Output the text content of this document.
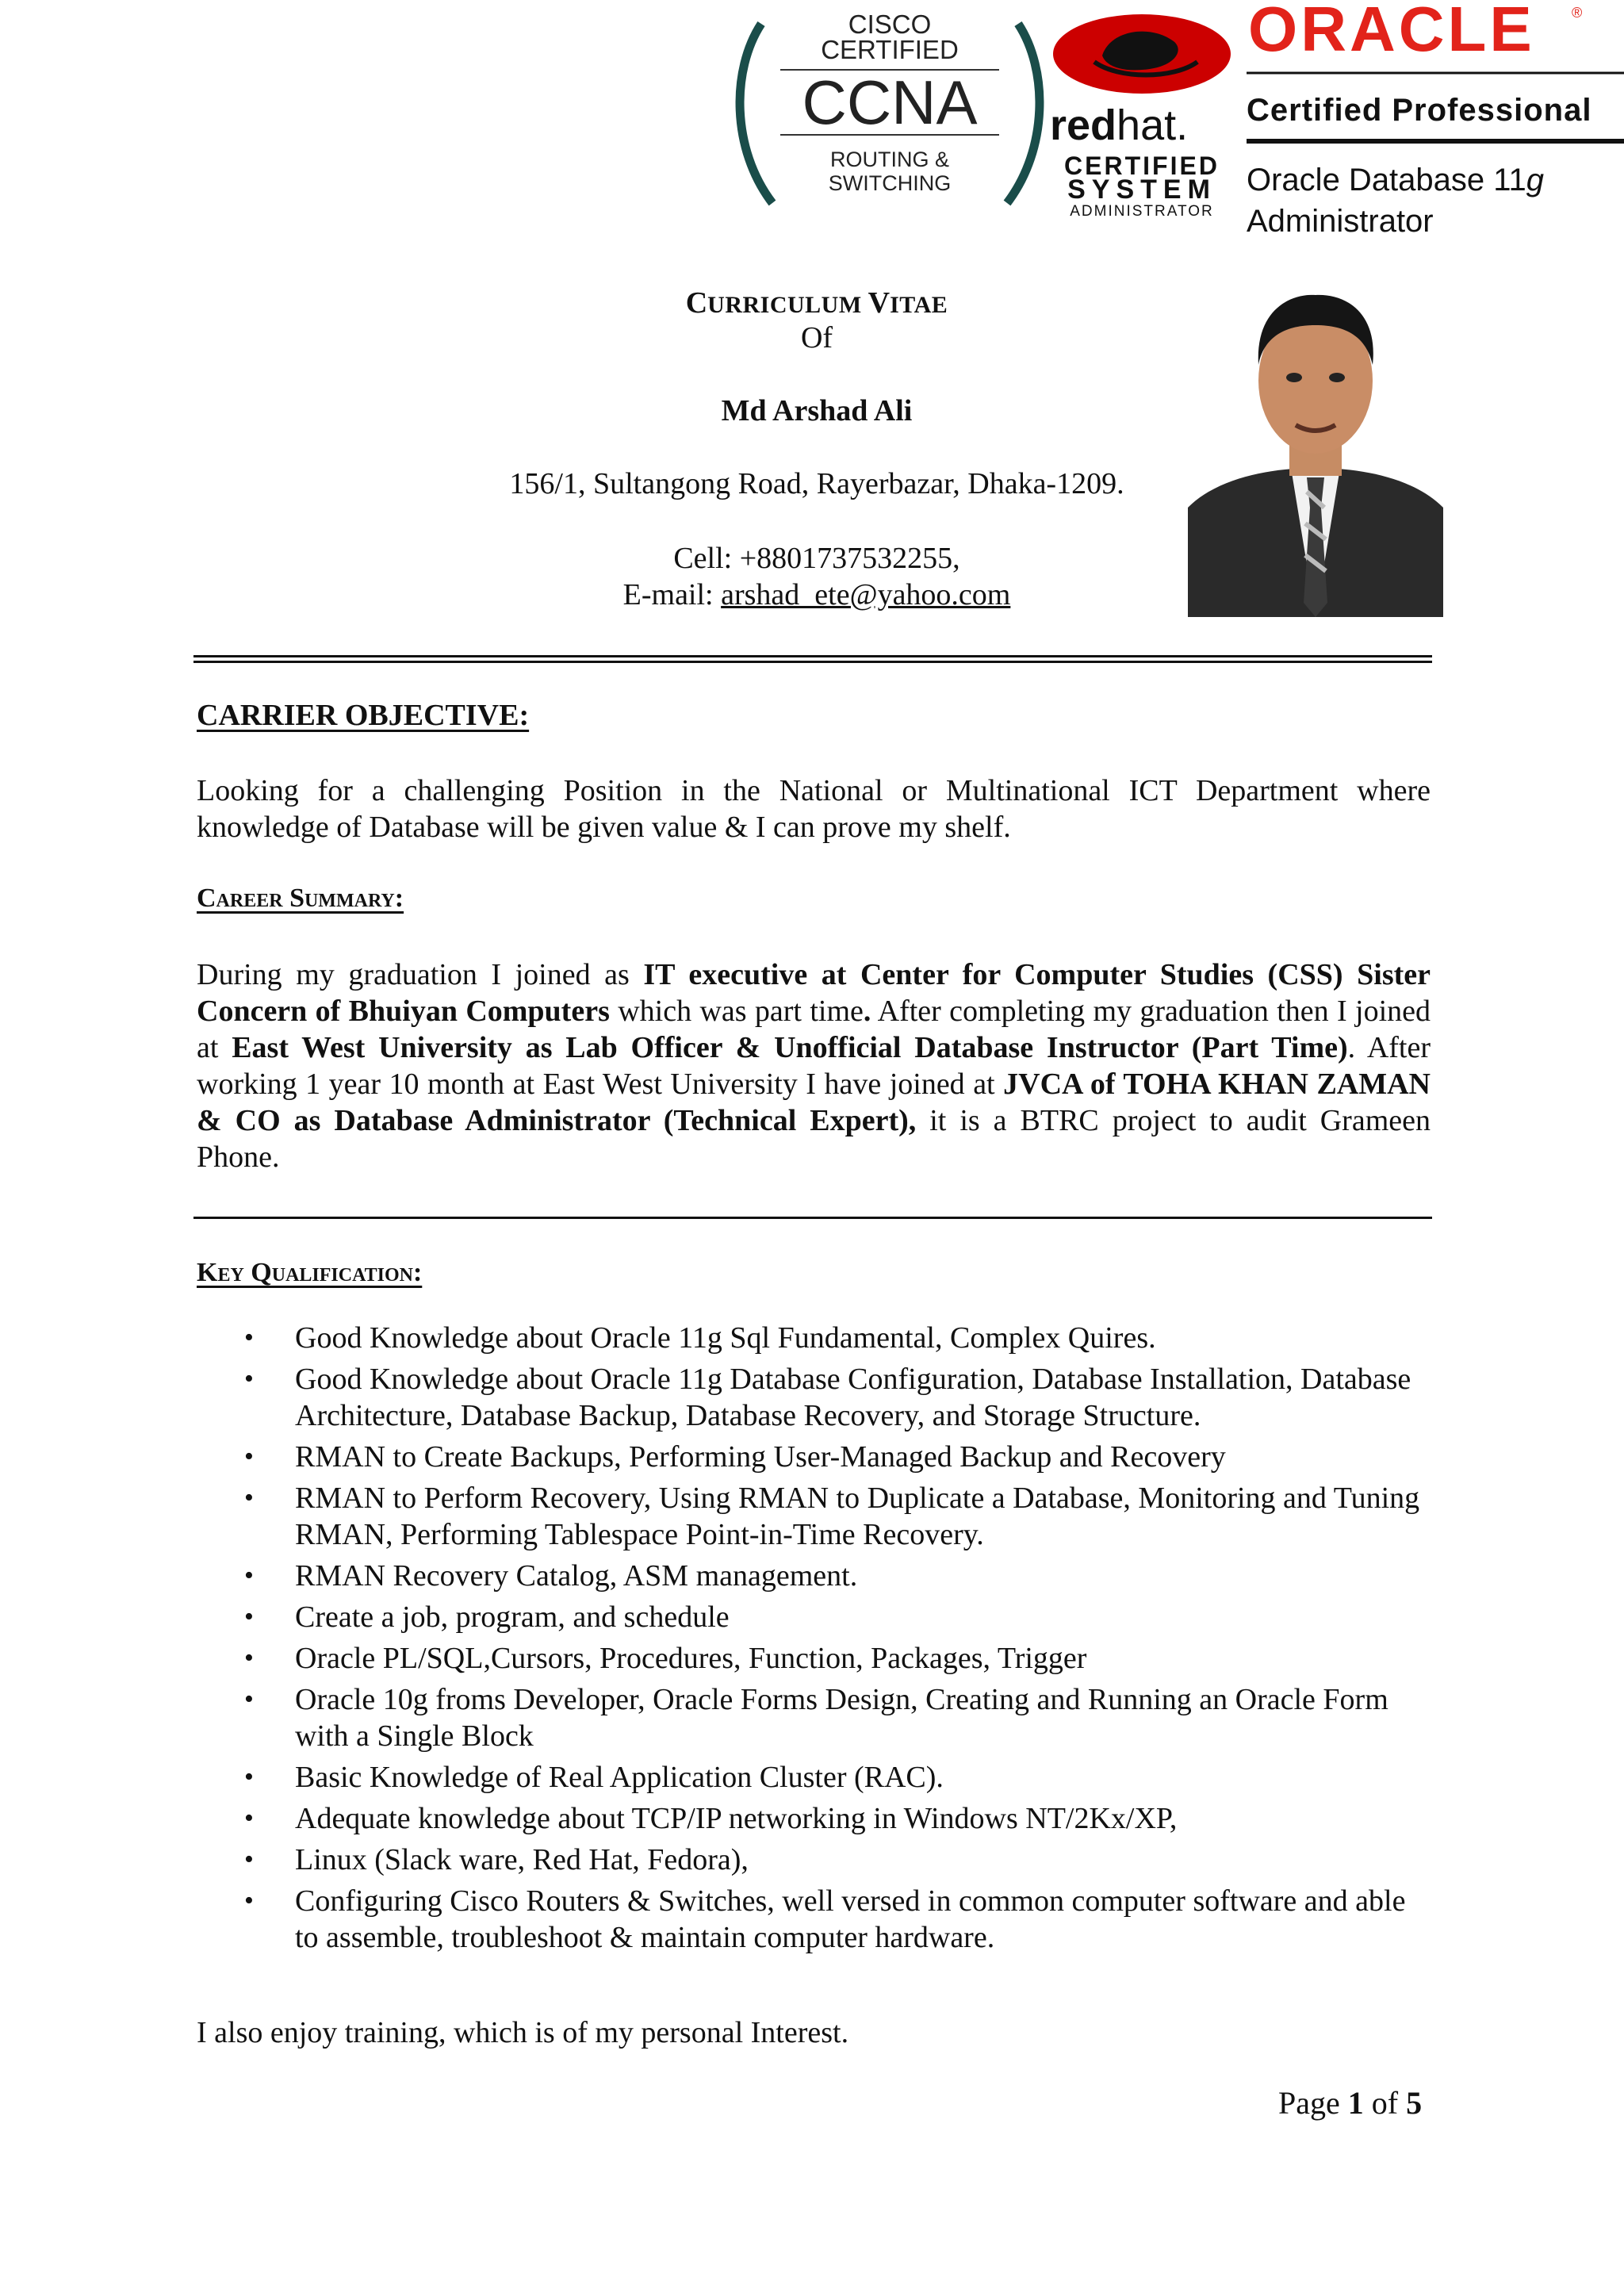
CISCO
CERTIFIED
CCNA
ROUTING &
SWITCHING
redhat.
CERTIFIED
SYSTEM
ADMINISTRATOR
ORACLE	®
Certified Professional
Oracle Database 11g
Administrator
CURRICULUM VITAE
Of
Md Arshad Ali
156/1, Sultangong Road, Rayerbazar, Dhaka-1209.
Cell: +8801737532255,
E-mail: arshad_ete@yahoo.com
CARRIER OBJECTIVE:
Looking for a challenging Position in the National or Multinational ICT Department where knowledge of Database will be given value & I can prove my shelf.
Career Summary:
During my graduation I joined as IT executive at Center for Computer Studies (CSS) Sister Concern of Bhuiyan Computers which was part time. After completing my graduation then I joined at East West University as Lab Officer & Unofficial Database Instructor (Part Time). After working 1 year 10 month at East West University I have joined at JVCA of TOHA KHAN ZAMAN & CO as Database Administrator (Technical Expert), it is a BTRC project to audit Grameen Phone.
Key Qualification:
• Good Knowledge about Oracle 11g Sql Fundamental, Complex Quires.
• Good Knowledge about Oracle 11g Database Configuration, Database Installation, Database Architecture, Database Backup, Database Recovery, and Storage Structure.
• RMAN to Create Backups, Performing User-Managed Backup and Recovery
• RMAN to Perform Recovery, Using RMAN to Duplicate a Database, Monitoring and Tuning RMAN, Performing Tablespace Point-in-Time Recovery.
• RMAN Recovery Catalog, ASM management.
• Create a job, program, and schedule
• Oracle PL/SQL,Cursors, Procedures, Function, Packages, Trigger
• Oracle 10g froms Developer, Oracle Forms Design, Creating and Running an Oracle Form with a Single Block
• Basic Knowledge of Real Application Cluster (RAC).
• Adequate knowledge about TCP/IP networking in Windows NT/2Kx/XP,
• Linux (Slack ware, Red Hat, Fedora),
• Configuring Cisco Routers & Switches, well versed in common computer software and able to assemble, troubleshoot & maintain computer hardware.
I also enjoy training, which is of my personal Interest.
Page 1 of 5
